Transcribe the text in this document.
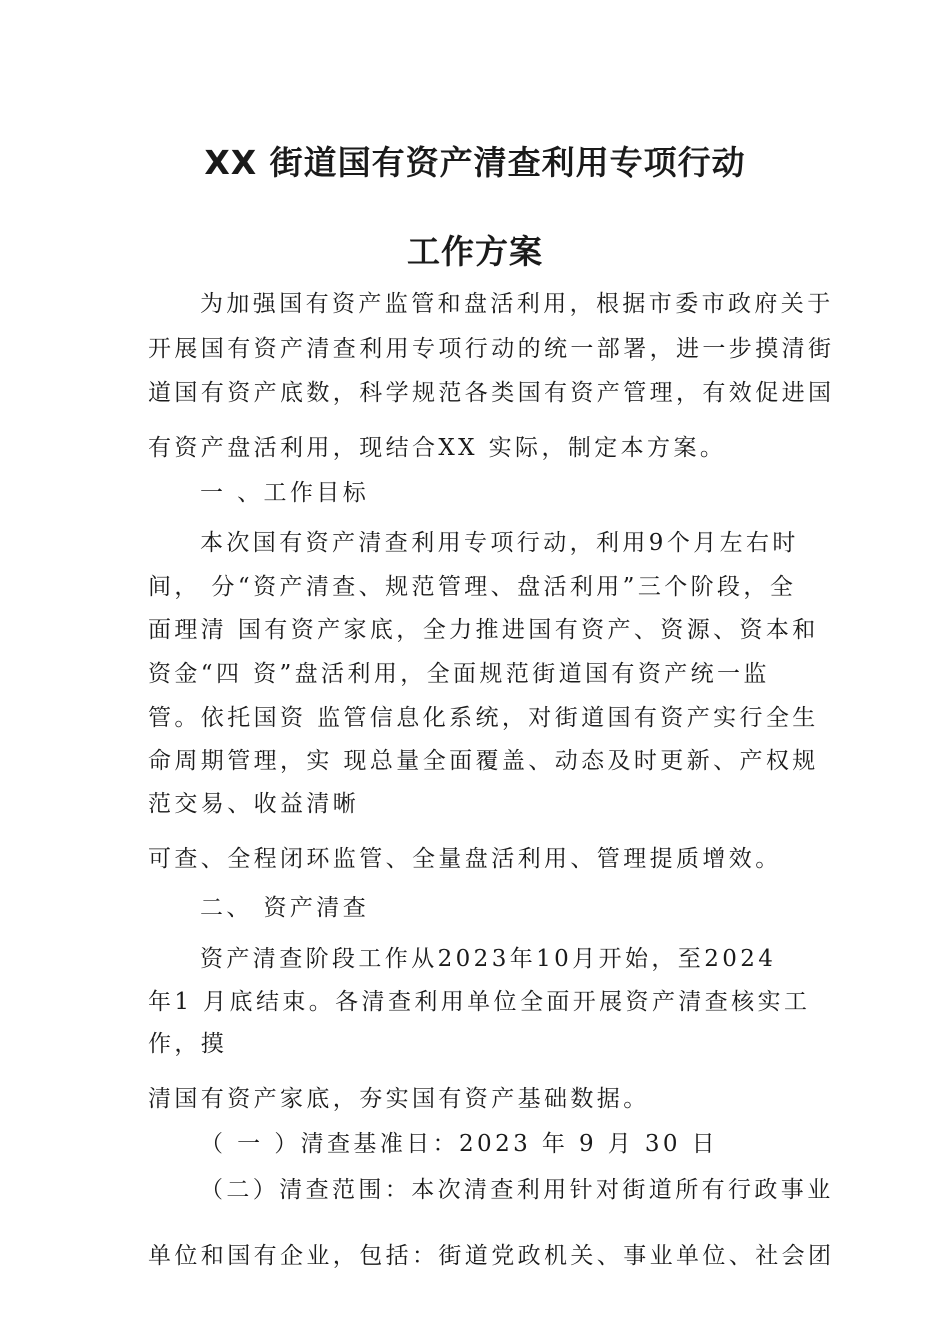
XX 街道国有资产清查利用专项行动
工作方案
为加强国有资产监管和盘活利用，根据市委市政府关于
开展国有资产清查利用专项行动的统一部署，进一步摸清街
道国有资产底数，科学规范各类国有资产管理，有效促进国
有资产盘活利用，现结合XX 实际，制定本方案。
一 、工作目标
本次国有资产清查利用专项行动，利用9个月左右时
间， 分“资产清查、规范管理、盘活利用”三个阶段，全
面理清 国有资产家底，全力推进国有资产、资源、资本和
资金“四 资”盘活利用，全面规范街道国有资产统一监
管。依托国资 监管信息化系统，对街道国有资产实行全生
命周期管理，实 现总量全面覆盖、动态及时更新、产权规
范交易、收益清晰
可查、全程闭环监管、全量盘活利用、管理提质增效。
二、 资产清查
资产清查阶段工作从2023年10月开始，至2024
年1 月底结束。各清查利用单位全面开展资产清查核实工
作，摸
清国有资产家底，夯实国有资产基础数据。
（ 一 ）清查基准日：2023 年 9 月 30 日
（二）清查范围：本次清查利用针对街道所有行政事业
单位和国有企业，包括：街道党政机关、事业单位、社会团
